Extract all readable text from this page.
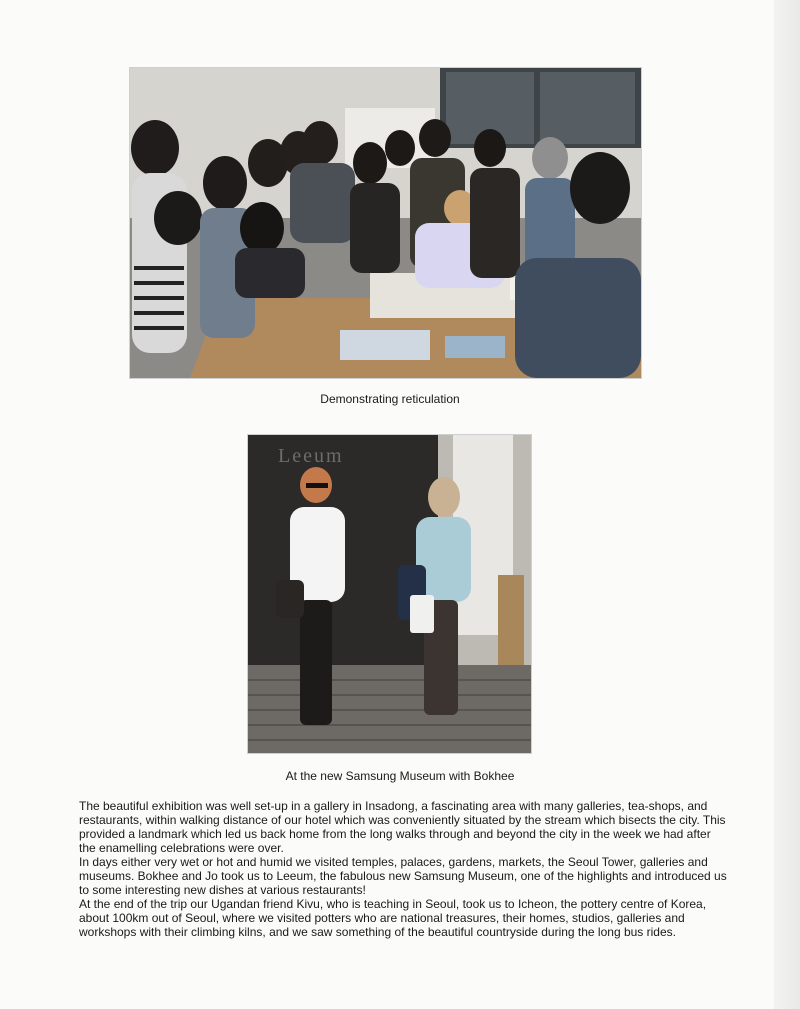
Demonstrating reticulation
Leeum
At the new Samsung Museum with Bokhee

The beautiful exhibition was well set-up in a gallery in Insadong, a fascinating area with many galleries, tea-shops, and restaurants, within walking distance of our hotel which was conveniently situated by the stream which bisects the city. This provided a landmark which led us back home from the long walks through and beyond the city in the week we had after the enamelling celebrations were over.

In days either very wet or hot and humid we visited temples, palaces, gardens, markets, the Seoul Tower, galleries and museums. Bokhee and Jo took us to Leeum, the fabulous new Samsung Museum, one of the highlights and introduced us to some interesting new dishes at various restaurants!

At the end of the trip our Ugandan friend Kivu, who is teaching in Seoul, took us to Icheon, the pottery centre of Korea, about 100km out of Seoul, where we visited potters who are national treasures, their homes, studios, galleries and workshops with their climbing kilns, and we saw something of the beautiful countryside during the long bus rides.
